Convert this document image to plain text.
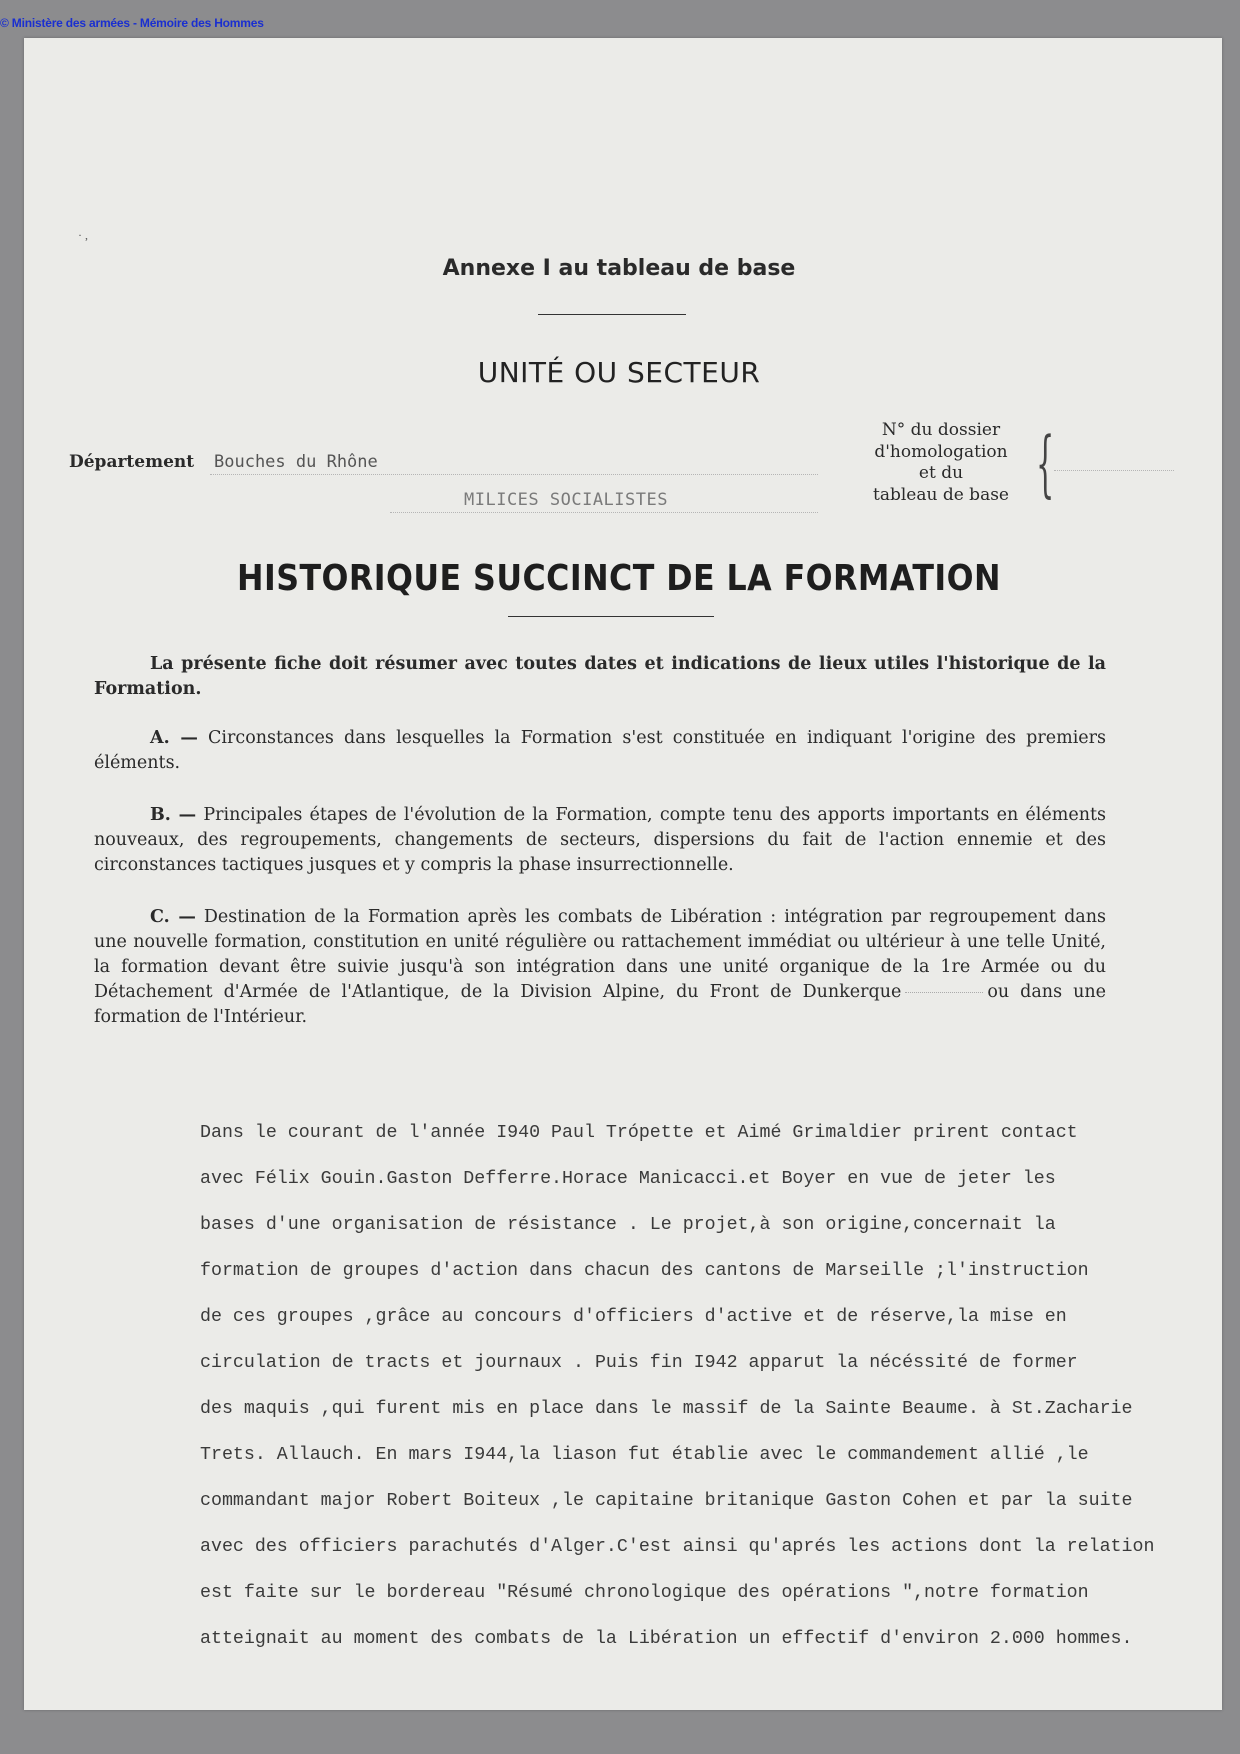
© Ministère des armées - Mémoire des Hommes
· ,
Annexe I au tableau de base
UNITÉ OU SECTEUR
Département Bouches du Rhône
MILICES SOCIALISTES
N° du dossier
d'homologation
et du
tableau de base {
HISTORIQUE SUCCINCT DE LA FORMATION
La présente fiche doit résumer avec toutes dates et indications de lieux utiles l'historique de la Formation.
A. — Circonstances dans lesquelles la Formation s'est constituée en indiquant l'origine des premiers éléments.
B. — Principales étapes de l'évolution de la Formation, compte tenu des apports importants en éléments nouveaux, des regroupements, changements de secteurs, dispersions du fait de l'action ennemie et des circonstances tactiques jusques et y compris la phase insurrectionnelle.
C. — Destination de la Formation après les combats de Libération : intégration par regroupement dans une nouvelle formation, constitution en unité régulière ou rattachement immédiat ou ultérieur à une telle Unité, la formation devant être suivie jusqu'à son intégration dans une unité organique de la 1re Armée ou du Détachement d'Armée de l'Atlantique, de la Division Alpine, du Front de Dunkerque	ou dans une formation de l'Intérieur.
Dans le courant de l'année I940 Paul Trópette et Aimé Grimaldier prirent contact
avec Félix Gouin.Gaston Defferre.Horace Manicacci.et Boyer en vue de jeter les
bases d'une organisation de résistance . Le projet,à son origine,concernait la
formation de groupes d'action dans chacun des cantons de Marseille ;l'instruction
de ces groupes ,grâce au concours d'officiers d'active et de réserve,la mise en
circulation de tracts et journaux . Puis fin I942 apparut la nécéssité de former
des maquis ,qui furent mis en place dans le massif de la Sainte Beaume. à St.Zacharie
Trets. Allauch. En mars I944,la liason fut établie avec le commandement allié ,le
commandant major Robert Boiteux ,le capitaine britanique Gaston Cohen et par la suite
avec des officiers parachutés d'Alger.C'est ainsi qu'aprés les actions dont la relation
est faite sur le bordereau "Résumé chronologique des opérations ",notre formation
atteignait au moment des combats de la Libération un effectif d'environ 2.000 hommes.
